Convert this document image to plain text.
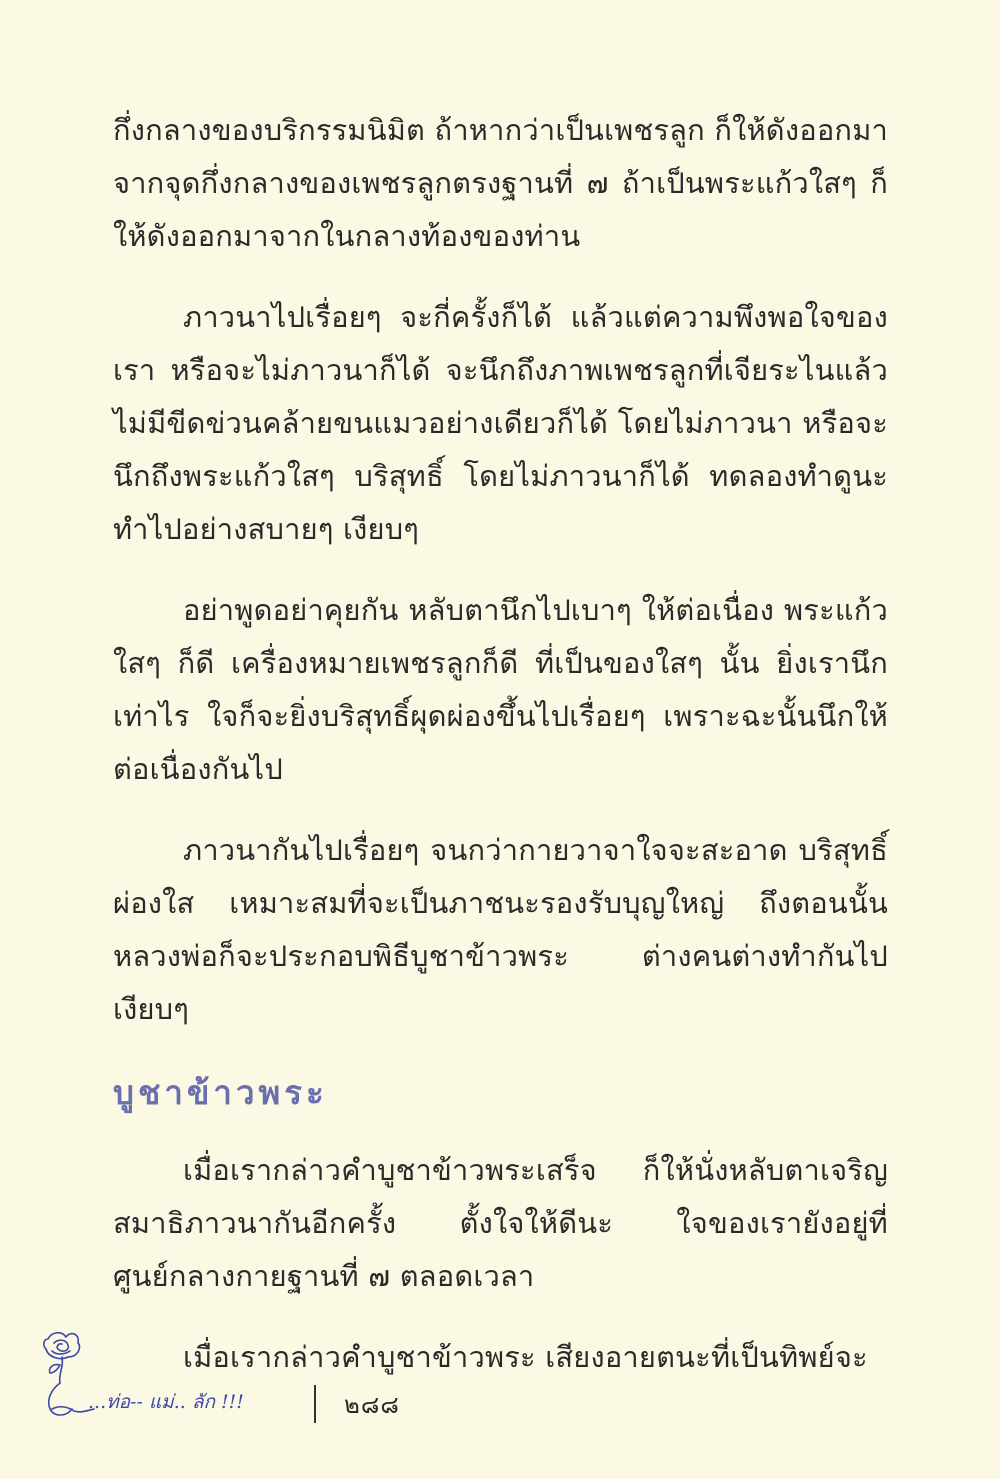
กึ่งกลางของบริกรรมนิมิต ถ้าหากว่าเป็นเพชรลูก ก็ให้ดังออกมาจากจุดกึ่งกลางของเพชรลูกตรงฐานที่ ๗ ถ้าเป็นพระแก้วใสๆ ก็ให้ดังออกมาจากในกลางท้องของท่าน

ภาวนาไปเรื่อยๆ จะกี่ครั้งก็ได้ แล้วแต่ความพึงพอใจของเรา หรือจะไม่ภาวนาก็ได้ จะนึกถึงภาพเพชรลูกที่เจียระไนแล้ว ไม่มีขีดข่วนคล้ายขนแมวอย่างเดียวก็ได้ โดยไม่ภาวนา หรือจะนึกถึงพระแก้วใสๆ บริสุทธิ์ โดยไม่ภาวนาก็ได้ ทดลองทำดูนะ ทำไปอย่างสบายๆ เงียบๆ

อย่าพูดอย่าคุยกัน หลับตานึกไปเบาๆ ให้ต่อเนื่อง พระแก้วใสๆ ก็ดี เครื่องหมายเพชรลูกก็ดี ที่เป็นของใสๆ นั้น ยิ่งเรานึกเท่าไร ใจก็จะยิ่งบริสุทธิ์ผุดผ่องขึ้นไปเรื่อยๆ เพราะฉะนั้นนึกให้ต่อเนื่องกันไป

ภาวนากันไปเรื่อยๆ จนกว่ากายวาจาใจจะสะอาด บริสุทธิ์ผ่องใส เหมาะสมที่จะเป็นภาชนะรองรับบุญใหญ่ ถึงตอนนั้นหลวงพ่อก็จะประกอบพิธีบูชาข้าวพระ ต่างคนต่างทำกันไปเงียบๆ

บูชาข้าวพระ

เมื่อเรากล่าวคำบูชาข้าวพระเสร็จ ก็ให้นั่งหลับตาเจริญสมาธิภาวนากันอีกครั้ง ตั้งใจให้ดีนะ ใจของเรายังอยู่ที่ศูนย์กลางกายฐานที่ ๗ ตลอดเวลา

เมื่อเรากล่าวคำบูชาข้าวพระ เสียงอายตนะที่เป็นทิพย์จะ

...ท่อ-- แม่.. ลัก !!!	๒๘๘
